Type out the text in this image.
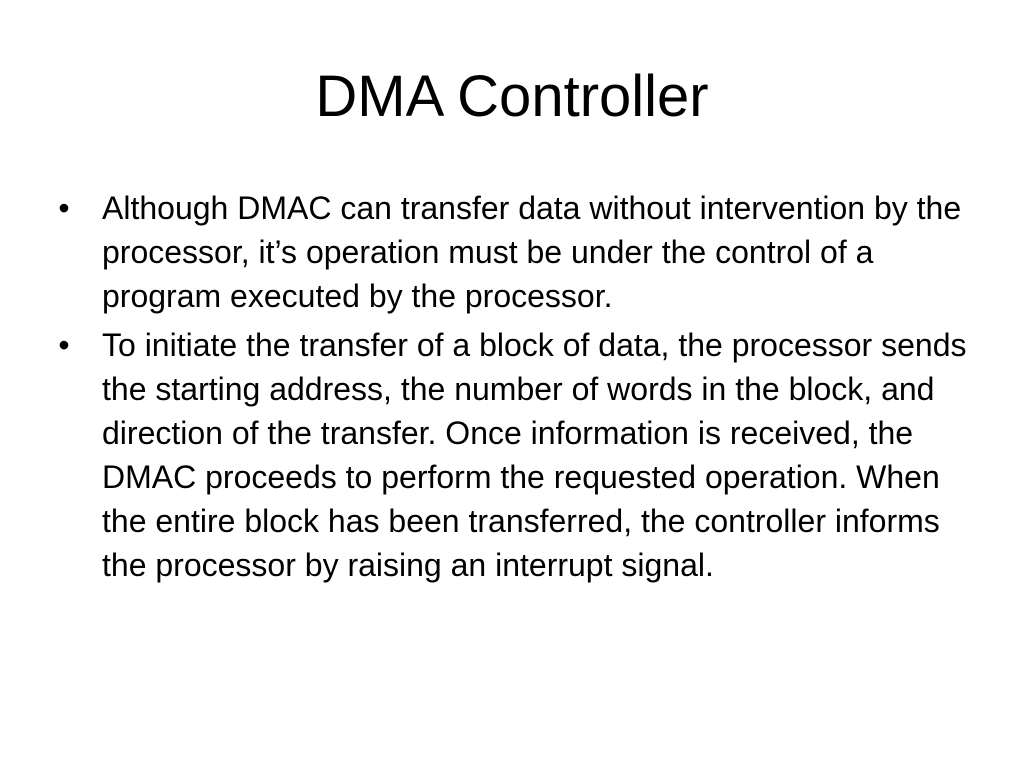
DMA Controller
• Although DMAC can transfer data without intervention by the processor, it’s operation must be under the control of a program executed by the processor.
• To initiate the transfer of a block of data, the processor sends the starting address, the number of words in the block, and direction of the transfer. Once information is received, the DMAC proceeds to perform the requested operation. When the entire block has been transferred, the controller informs the processor by raising an interrupt signal.
